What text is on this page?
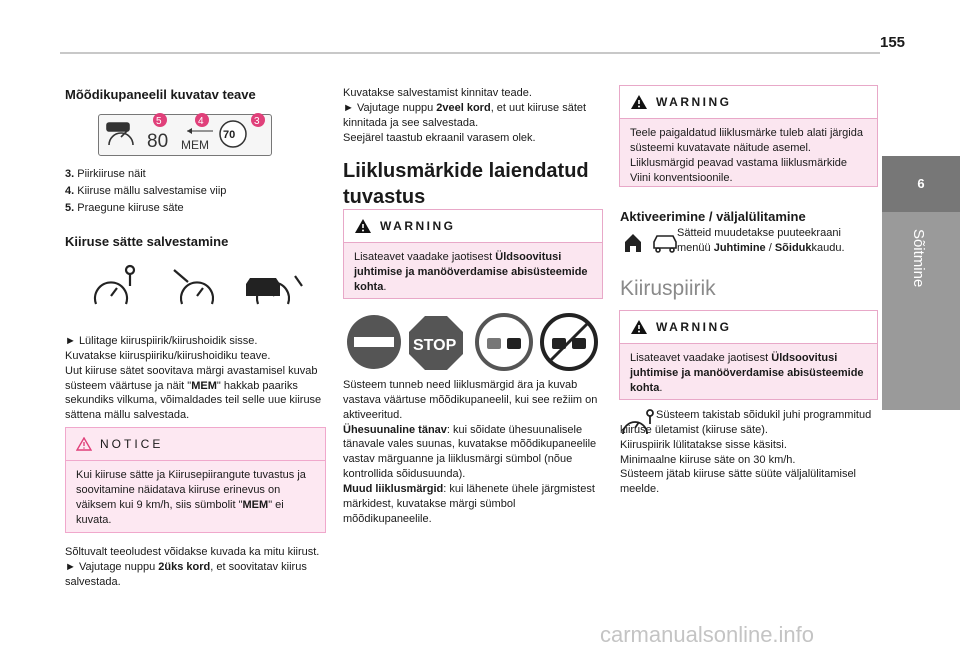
155
6
Sõitmine
Mõõdikupaneelil kuvatav teave
80 MEM
70
5	4	3
3. Piirkiiruse näit
4. Kiiruse mällu salvestamise viip
5. Praegune kiiruse säte
Kiiruse sätte salvestamine

► Lülitage kiiruspiirik/kiirushoidik sisse.

Kuvatakse kiiruspiiriku/kiirushoidiku teave.

Uut kiiruse sätet soovitava märgi avastamisel kuvab süsteem väärtuse ja näit "MEM" hakkab paariks sekundiks vilkuma, võimaldades teil selle uue kiiruse sättena mällu salvestada.

NOTICE
Kui kiiruse sätte ja Kiirusepiirangute tuvastus ja soovitamine näidatava kiiruse erinevus on väiksem kui 9 km/h, siis sümbolit "MEM" ei kuvata.

Sõltuvalt teeoludest võidakse kuvada ka mitu kiirust.

► Vajutage nuppu 2üks kord, et soovitatav kiirus salvestada.

Kuvatakse salvestamist kinnitav teade.

► Vajutage nuppu 2veel kord, et uut kiiruse sätet kinnitada ja see salvestada.

Seejärel taastub ekraanil varasem olek.

Liiklusmärkide laiendatud tuvastus
WARNING
Lisateavet vaadake jaotisest Üldsoovitusi juhtimise ja manööverdamise abisüsteemide kohta.
STOP

Süsteem tunneb need liiklusmärgid ära ja kuvab vastava väärtuse mõõdikupaneelil, kui see režiim on aktiveeritud.

Ühesuunaline tänav: kui sõidate ühesuunalisele tänavale vales suunas, kuvatakse mõõdikupaneelile vastav märguanne ja liiklusmärgi sümbol (nõue kontrollida sõidusuunda).

Muud liiklusmärgid: kui lähenete ühele järgmistest märkidest, kuvatakse märgi sümbol mõõdikupaneelile.

WARNING
Teele paigaldatud liiklusmärke tuleb alati järgida süsteemi kuvatavate näitude asemel. Liiklusmärgid peavad vastama liiklusmärkide Viini konventsioonile.
Aktiveerimine / väljalülitamine

Sätteid muudetakse puuteekraani menüü Juhtimine / Sõidukkaudu.

Kiiruspiirik
WARNING
Lisateavet vaadake jaotisest Üldsoovitusi juhtimise ja manööverdamise abisüsteemide kohta.

Süsteem takistab sõidukil juhi programmitud kiiruse ületamist (kiiruse säte).

Kiiruspiirik lülitatakse sisse käsitsi.

Minimaalne kiiruse säte on 30 km/h.

Süsteem jätab kiiruse sätte süüte väljalülitamisel meelde.

carmanualsonline.info
